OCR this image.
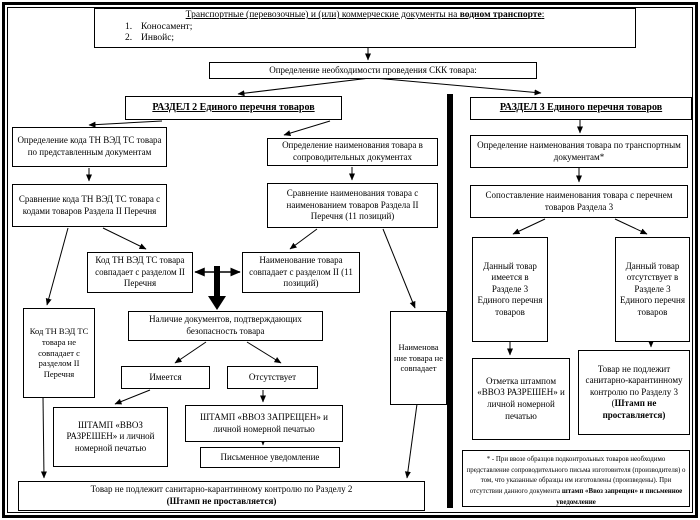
Транспортные (перевозочные) и (или) коммерческие документы на водном транспорте:
1. Коносамент;
2. Инвойс;
Определение необходимости проведения СКК товара:
РАЗДЕЛ 2 Единого перечня товаров	РАЗДЕЛ 3 Единого перечня товаров
Определение кода ТН ВЭД ТС товара по представленным документам
Сравнение кода ТН ВЭД ТС товара с кодами товаров Раздела II Перечня
Определение наименования товара в сопроводительных документах
Сравнение наименования товара с наименованием товаров Раздела II Перечня (11 позиций)
Код ТН ВЭД ТС товара совпадает с разделом II Перечня
Наименование товара совпадает с разделом II (11 позиций)
Код ТН ВЭД ТС товара не совпадает с разделом II Перечня
Наличие документов, подтверждающих безопасность товара
Наименова ние товара не совпадает
Имеется	Отсутствует
ШТАМП «ВВОЗ РАЗРЕШЕН» и личной номерной печатью
ШТАМП «ВВОЗ ЗАПРЕЩЕН» и личной номерной печатью
Письменное уведомление
Товар не подлежит санитарно-карантинному контролю по Разделу 2
(Штамп не проставляется)
Определение наименования товара по транспортным документам*
Сопоставление наименования товара с перечнем товаров Раздела 3
Данный товар имеется в Разделе 3 Единого перечня товаров
Данный товар отсутствует в Разделе 3 Единого перечня товаров
Отметка штампом «ВВОЗ РАЗРЕШЕН» и личной номерной печатью
Товар не подлежит санитарно-карантинному контролю по Разделу 3 (Штамп не проставляется)
* - При ввозе образцов подконтрольных товаров необходимо представление сопроводительного письма изготовителя (производителя) о том, что указанные образцы им изготовлены (произведены). При отсутствии данного документа штамп «Ввоз запрещен» и письменное уведомление
